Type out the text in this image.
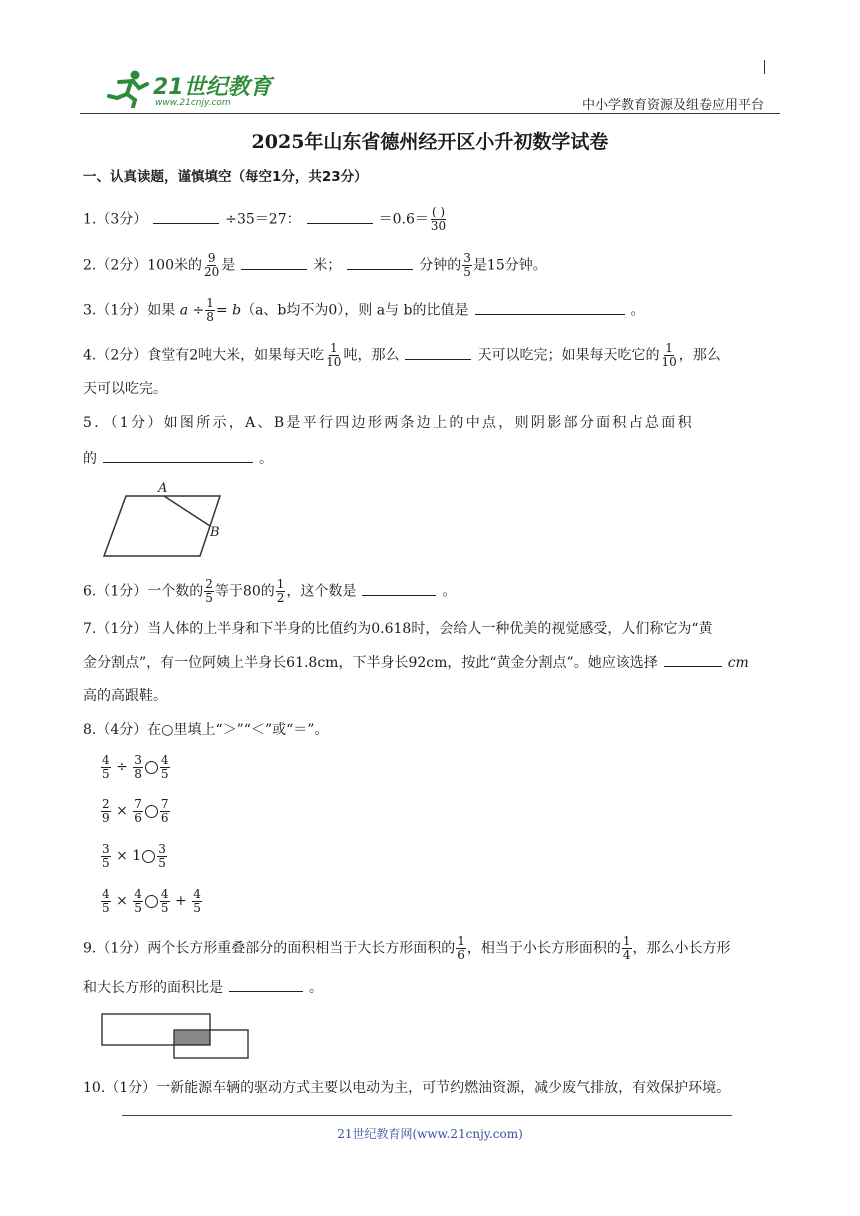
21世纪教育
www.21cnjy.com	中小学教育资源及组卷应用平台
2025年山东省德州经开区小升初数学试卷
一、认真读题，谨慎填空（每空1分，共23分）
1.（3分）	÷35＝27：	$=0.6= \frac{( )}{30}$
2.（2分）100米的 $\frac{9}{20}$ 是	米；	分钟的 $\frac{3}{5}$ 是15分钟。
3.（1分）如果 $a \div \frac{1}{8} = b(a$、b均不为0），则 a与 b的比值是	。
4.（2分）食堂有2吨大米，如果每天吃 $\frac{1}{10}$ 吨，那么	天可以吃完；如果每天吃它的 $\frac{1}{10}$ ，那么
天可以吃完。
5．（1分）如图所示，A、B是平行四边形两条边上的中点，则阴影部分面积占总面积
的	。
A
B
6.（1分）一个数的 $\frac{2}{5}$ 等于80的 $\frac{1}{2}$ ，这个数是	。
7.（1分）当人体的上半身和下半身的比值约为0.618时，会给人一种优美的视觉感受，人们称它为“黄
金分割点”，有一位阿姨上半身长61.8cm，下半身长92cm，按此“黄金分割点”。她应该选择	cm
高的高跟鞋。
8.（4分）在○里填上“＞”“＜”或“＝”。
$\frac{4}{5} \div \frac{3}{8} \frac{4}{5}$
$\frac{2}{9} \times \frac{7}{6} \frac{7}{6}$
$\frac{3}{5} \times 1 \frac{3}{5}$
$\frac{4}{5} \times \frac{4}{5} \frac{4}{5} + \frac{4}{5}$
9.（1分）两个长方形重叠部分的面积相当于大长方形面积的 $\frac{1}{6}$ ，相当于小长方形面积的 $\frac{1}{4}$ ，那么小长方形
和大长方形的面积比是	。
10.（1分）一新能源车辆的驱动方式主要以电动为主，可节约燃油资源，减少废气排放，有效保护环境。
21世纪教育网(www.21cnjy.com)
